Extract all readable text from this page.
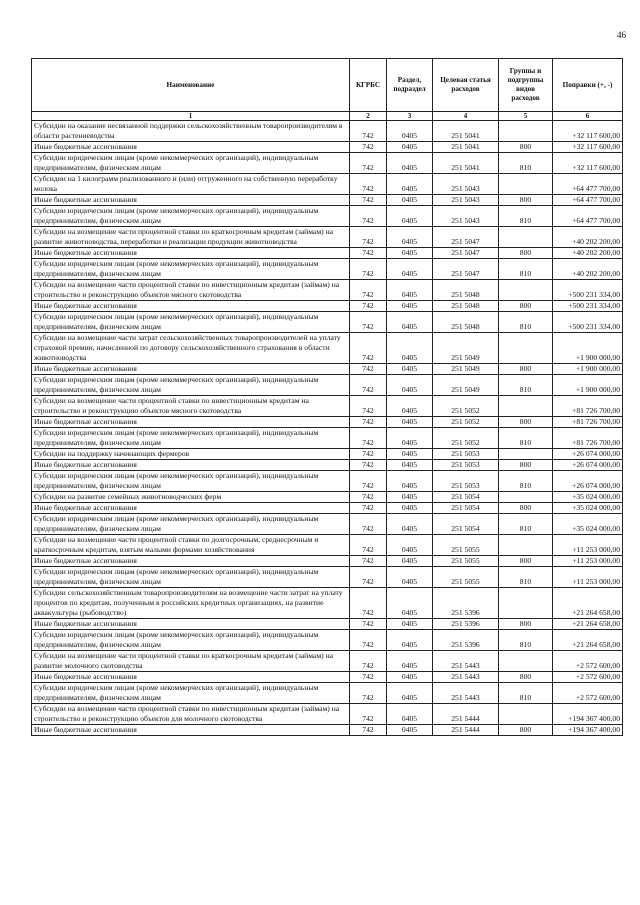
46
Наименование	КГРБС	Раздел, подраздел	Целевая статья расходов	Группы и подгруппы видов расходов	Поправки (+, -)
1	2	3	4	5	6
Субсидии на оказание несвязанной поддержки сельскохозяйственным товаропроизводителям в области растениеводства	742	0405	251 5041		+32 117 600,00
Иные бюджетные ассигнования	742	0405	251 5041	800	+32 117 600,00
Субсидии юридическим лицам (кроме некоммерческих организаций), индивидуальным предпринимателям, физическим лицам	742	0405	251 5041	810	+32 117 600,00
Субсидии на 1 килограмм реализованного и (или) отгруженного на собственную переработку молока	742	0405	251 5043		+64 477 700,00
Иные бюджетные ассигнования	742	0405	251 5043	800	+64 477 700,00
Субсидии юридическим лицам (кроме некоммерческих организаций), индивидуальным предпринимателям, физическим лицам	742	0405	251 5043	810	+64 477 700,00
Субсидии на возмещение части процентной ставки по краткосрочным кредитам (займам) на развитие животноводства, переработки и реализации продукции животноводства	742	0405	251 5047		+40 202 200,00
Иные бюджетные ассигнования	742	0405	251 5047	800	+40 202 200,00
Субсидии юридическим лицам (кроме некоммерческих организаций), индивидуальным предпринимателям, физическим лицам	742	0405	251 5047	810	+40 202 200,00
Субсидии на возмещение части процентной ставки по инвестиционным кредитам (займам) на строительство и реконструкцию объектов мясного скотоводства	742	0405	251 5048		+500 231 334,00
Иные бюджетные ассигнования	742	0405	251 5048	800	+500 231 334,00
Субсидии юридическим лицам (кроме некоммерческих организаций), индивидуальным предпринимателям, физическим лицам	742	0405	251 5048	810	+500 231 334,00
Субсидии на возмещение части затрат сельскохозяйственных товаропроизводителей на уплату страховой премии, начисленной по договору сельскохозяйственного страхования в области животноводства	742	0405	251 5049		+1 900 000,00
Иные бюджетные ассигнования	742	0405	251 5049	800	+1 900 000,00
Субсидии юридическим лицам (кроме некоммерческих организаций), индивидуальным предпринимателям, физическим лицам	742	0405	251 5049	810	+1 900 000,00
Субсидии на возмещение части процентной ставки по инвестиционным кредитам на строительство и реконструкцию объектов мясного скотоводства	742	0405	251 5052		+81 726 700,00
Иные бюджетные ассигнования	742	0405	251 5052	800	+81 726 700,00
Субсидии юридическим лицам (кроме некоммерческих организаций), индивидуальным предпринимателям, физическим лицам	742	0405	251 5052	810	+81 726 700,00
Субсидии на поддержку начинающих фермеров	742	0405	251 5053		+26 074 000,00
Иные бюджетные ассигнования	742	0405	251 5053	800	+26 074 000,00
Субсидии юридическим лицам (кроме некоммерческих организаций), индивидуальным предпринимателям, физическим лицам	742	0405	251 5053	810	+26 074 000,00
Субсидии на развитие семейных животноводческих ферм	742	0405	251 5054		+35 024 000,00
Иные бюджетные ассигнования	742	0405	251 5054	800	+35 024 000,00
Субсидии юридическим лицам (кроме некоммерческих организаций), индивидуальным предпринимателям, физическим лицам	742	0405	251 5054	810	+35 024 000,00
Субсидии на возмещение части процентной ставки по долгосрочным, среднесрочным и краткосрочным кредитам, взятым малыми формами хозяйствования	742	0405	251 5055		+11 253 000,00
Иные бюджетные ассигнования	742	0405	251 5055	800	+11 253 000,00
Субсидии юридическим лицам (кроме некоммерческих организаций), индивидуальным предпринимателям, физическим лицам	742	0405	251 5055	810	+11 253 000,00
Субсидии сельскохозяйственным товаропроизводителям на возмещение части затрат на уплату процентов по кредитам, полученным в российских кредитных организациях, на развитие аквакультуры (рыбоводство)	742	0405	251 5396		+21 264 658,00
Иные бюджетные ассигнования	742	0405	251 5396	800	+21 264 658,00
Субсидии юридическим лицам (кроме некоммерческих организаций), индивидуальным предпринимателям, физическим лицам	742	0405	251 5396	810	+21 264 658,00
Субсидии на возмещение части процентной ставки по краткосрочным кредитам (займам) на развитие молочного скотоводства	742	0405	251 5443		+2 572 600,00
Иные бюджетные ассигнования	742	0405	251 5443	800	+2 572 600,00
Субсидии юридическим лицам (кроме некоммерческих организаций), индивидуальным предпринимателям, физическим лицам	742	0405	251 5443	810	+2 572 600,00
Субсидии на возмещение части процентной ставки по инвестиционным кредитам (займам) на строительство и реконструкцию объектов для молочного скотоводства	742	0405	251 5444		+194 367 400,00
Иные бюджетные ассигнования	742	0405	251 5444	800	+194 367 400,00
